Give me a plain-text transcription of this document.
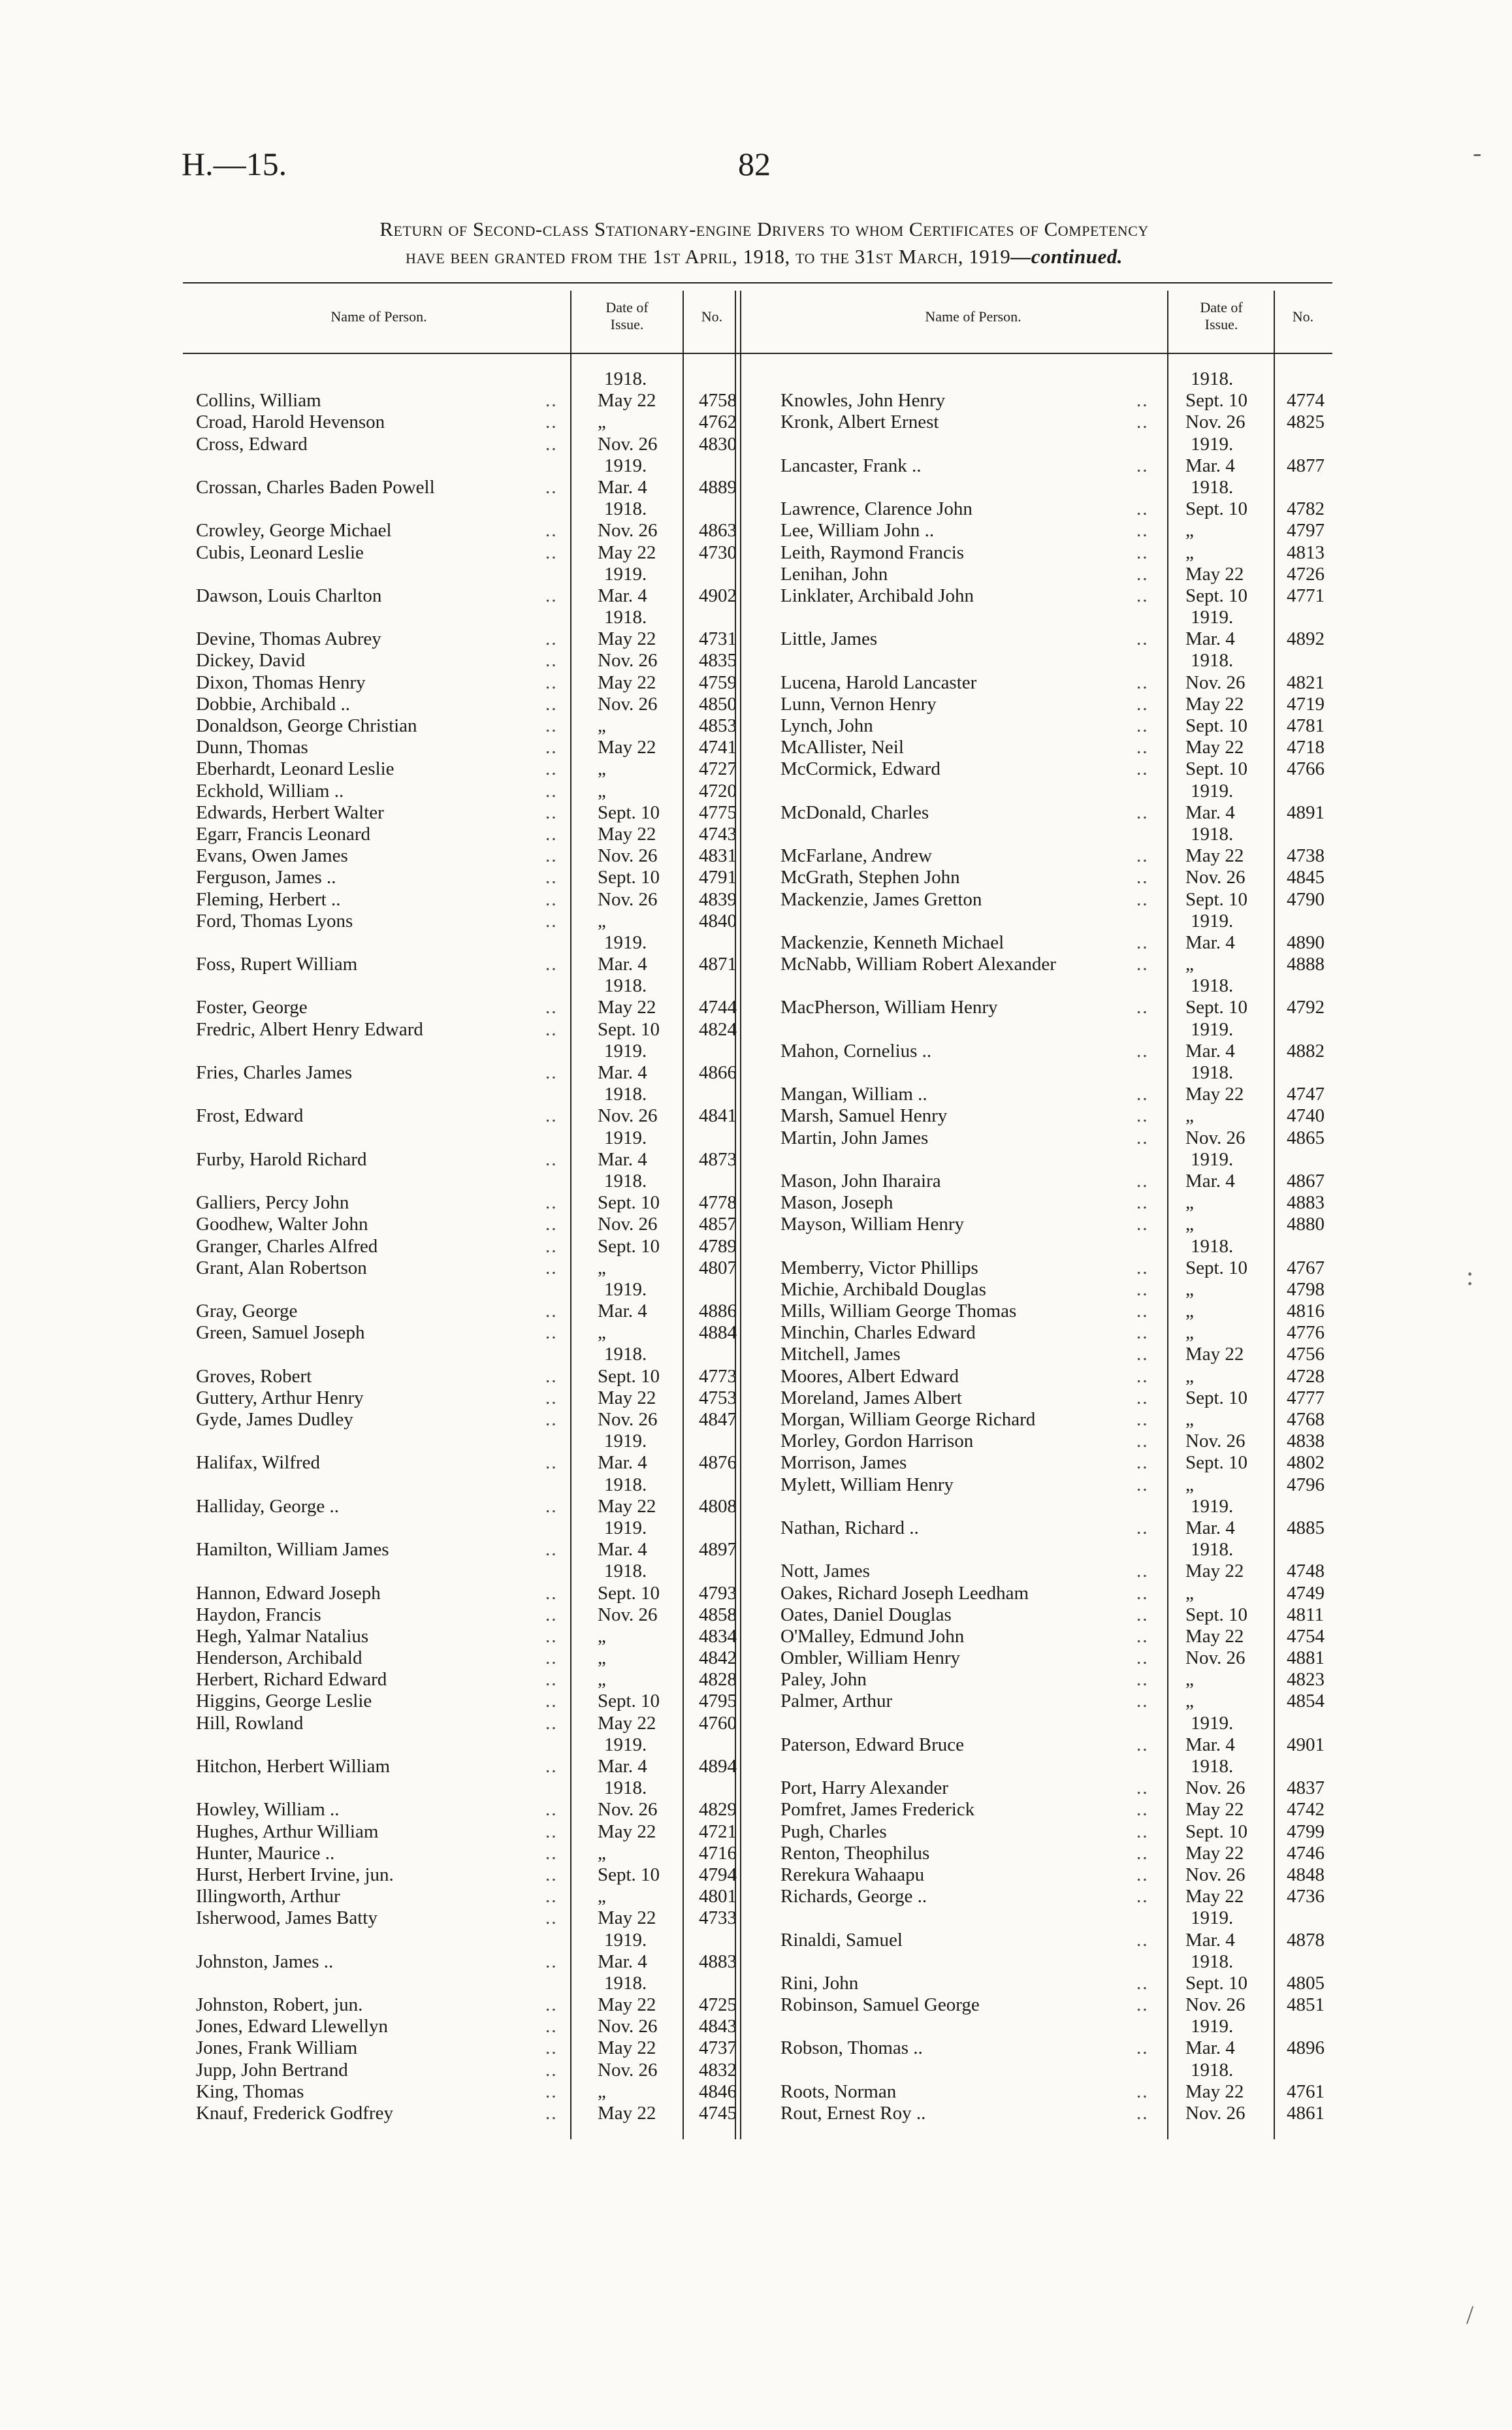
H.—15.	82
Return of Second-class Stationary-engine Drivers to whom Certificates of Competency
have been granted from the 1st April, 1918, to the 31st March, 1919—continued.
Name of Person.
Date of Issue.	No.	Name of Person.
Date of Issue.	No.
1918.
Collins, William	.. May 22 4758
Croad, Harold Hevenson	.. „	4762
Cross, Edward	.. Nov. 26 4830
1919.
Crossan, Charles Baden Powell	.. Mar. 4	4889
1918.
Crowley, George Michael	.. Nov. 26 4863
Cubis, Leonard Leslie	.. May 22 4730
1919.
Dawson, Louis Charlton	.. Mar. 4	4902
1918.
Devine, Thomas Aubrey	.. May 22 4731
Dickey, David	.. Nov. 26 4835
Dixon, Thomas Henry	.. May 22 4759
Dobbie, Archibald ..	.. Nov. 26 4850
Donaldson, George Christian	.. „	4853
Dunn, Thomas	.. May 22 4741
Eberhardt, Leonard Leslie	.. „	4727
Eckhold, William ..	.. „	4720
Edwards, Herbert Walter	.. Sept. 10 4775
Egarr, Francis Leonard	.. May 22 4743
Evans, Owen James	.. Nov. 26 4831
Ferguson, James ..	.. Sept. 10 4791
Fleming, Herbert ..	.. Nov. 26 4839
Ford, Thomas Lyons	.. „	4840
1919.
Foss, Rupert William	.. Mar. 4	4871
1918.
Foster, George	.. May 22 4744
Fredric, Albert Henry Edward	.. Sept. 10 4824
1919.
Fries, Charles James	.. Mar. 4	4866
1918.
Frost, Edward	.. Nov. 26 4841
1919.
Furby, Harold Richard	.. Mar. 4	4873
1918.
Galliers, Percy John	.. Sept. 10 4778
Goodhew, Walter John	.. Nov. 26 4857
Granger, Charles Alfred	.. Sept. 10 4789
Grant, Alan Robertson	.. „	4807
1919.
Gray, George	.. Mar. 4	4886
Green, Samuel Joseph	.. „	4884
1918.
Groves, Robert	.. Sept. 10 4773
Guttery, Arthur Henry	.. May 22 4753
Gyde, James Dudley	.. Nov. 26 4847
1919.
Halifax, Wilfred	.. Mar. 4	4876
1918.
Halliday, George ..	.. May 22 4808
1919.
Hamilton, William James	.. Mar. 4	4897
1918.
Hannon, Edward Joseph	.. Sept. 10 4793
Haydon, Francis	.. Nov. 26 4858
Hegh, Yalmar Natalius	.. „	4834
Henderson, Archibald	.. „	4842
Herbert, Richard Edward	.. „	4828
Higgins, George Leslie	.. Sept. 10 4795
Hill, Rowland	.. May 22 4760
1919.
Hitchon, Herbert William	.. Mar. 4	4894
1918.
Howley, William ..	.. Nov. 26 4829
Hughes, Arthur William	.. May 22 4721
Hunter, Maurice ..	.. „	4716
Hurst, Herbert Irvine, jun.	.. Sept. 10 4794
Illingworth, Arthur	.. „	4801
Isherwood, James Batty	.. May 22 4733
1919.
Johnston, James ..	.. Mar. 4	4883
1918.
Johnston, Robert, jun.	.. May 22 4725
Jones, Edward Llewellyn	.. Nov. 26 4843
Jones, Frank William	.. May 22 4737
Jupp, John Bertrand	.. Nov. 26 4832
King, Thomas	.. „	4846
Knauf, Frederick Godfrey	.. May 22 4745
1918.
Knowles, John Henry	.. Sept. 10 4774
Kronk, Albert Ernest	.. Nov. 26 4825
1919.
Lancaster, Frank ..	.. Mar. 4	4877
1918.
Lawrence, Clarence John	.. Sept. 10 4782
Lee, William John ..	.. „	4797
Leith, Raymond Francis	.. „	4813
Lenihan, John	.. May 22 4726
Linklater, Archibald John	.. Sept. 10 4771
1919.
Little, James	.. Mar. 4	4892
1918.
Lucena, Harold Lancaster	.. Nov. 26 4821
Lunn, Vernon Henry	.. May 22 4719
Lynch, John	.. Sept. 10 4781
McAllister, Neil	.. May 22 4718
McCormick, Edward	.. Sept. 10 4766
1919.
McDonald, Charles	.. Mar. 4	4891
1918.
McFarlane, Andrew	.. May 22 4738
McGrath, Stephen John	.. Nov. 26 4845
Mackenzie, James Gretton	.. Sept. 10 4790
1919.
Mackenzie, Kenneth Michael	.. Mar. 4	4890
McNabb, William Robert Alexander	.. „	4888
1918.
MacPherson, William Henry	.. Sept. 10 4792
1919.
Mahon, Cornelius ..	.. Mar. 4	4882
1918.
Mangan, William ..	.. May 22 4747
Marsh, Samuel Henry	.. „	4740
Martin, John James	.. Nov. 26 4865
1919.
Mason, John Iharaira	.. Mar. 4	4867
Mason, Joseph	.. „	4883
Mayson, William Henry	.. „	4880
1918.
Memberry, Victor Phillips	.. Sept. 10 4767
Michie, Archibald Douglas	.. „	4798
Mills, William George Thomas	.. „	4816
Minchin, Charles Edward	.. „	4776
Mitchell, James	.. May 22 4756
Moores, Albert Edward	.. „	4728
Moreland, James Albert	.. Sept. 10 4777
Morgan, William George Richard	.. „	4768
Morley, Gordon Harrison	.. Nov. 26 4838
Morrison, James	.. Sept. 10 4802
Mylett, William Henry	.. „	4796
1919.
Nathan, Richard ..	.. Mar. 4	4885
1918.
Nott, James	.. May 22 4748
Oakes, Richard Joseph Leedham	.. „	4749
Oates, Daniel Douglas	.. Sept. 10 4811
O'Malley, Edmund John	.. May 22 4754
Ombler, William Henry	.. Nov. 26 4881
Paley, John	.. „	4823
Palmer, Arthur	.. „	4854
1919.
Paterson, Edward Bruce	.. Mar. 4	4901
1918.
Port, Harry Alexander	.. Nov. 26 4837
Pomfret, James Frederick	.. May 22 4742
Pugh, Charles	.. Sept. 10 4799
Renton, Theophilus	.. May 22 4746
Rerekura Wahaapu	.. Nov. 26 4848
Richards, George ..	.. May 22 4736
1919.
Rinaldi, Samuel	.. Mar. 4	4878
1918.
Rini, John	.. Sept. 10 4805
Robinson, Samuel George	.. Nov. 26 4851
1919.
Robson, Thomas ..	.. Mar. 4	4896
1918.
Roots, Norman	.. May 22 4761
Rout, Ernest Roy ..	.. Nov. 26 4861
-
:
/
